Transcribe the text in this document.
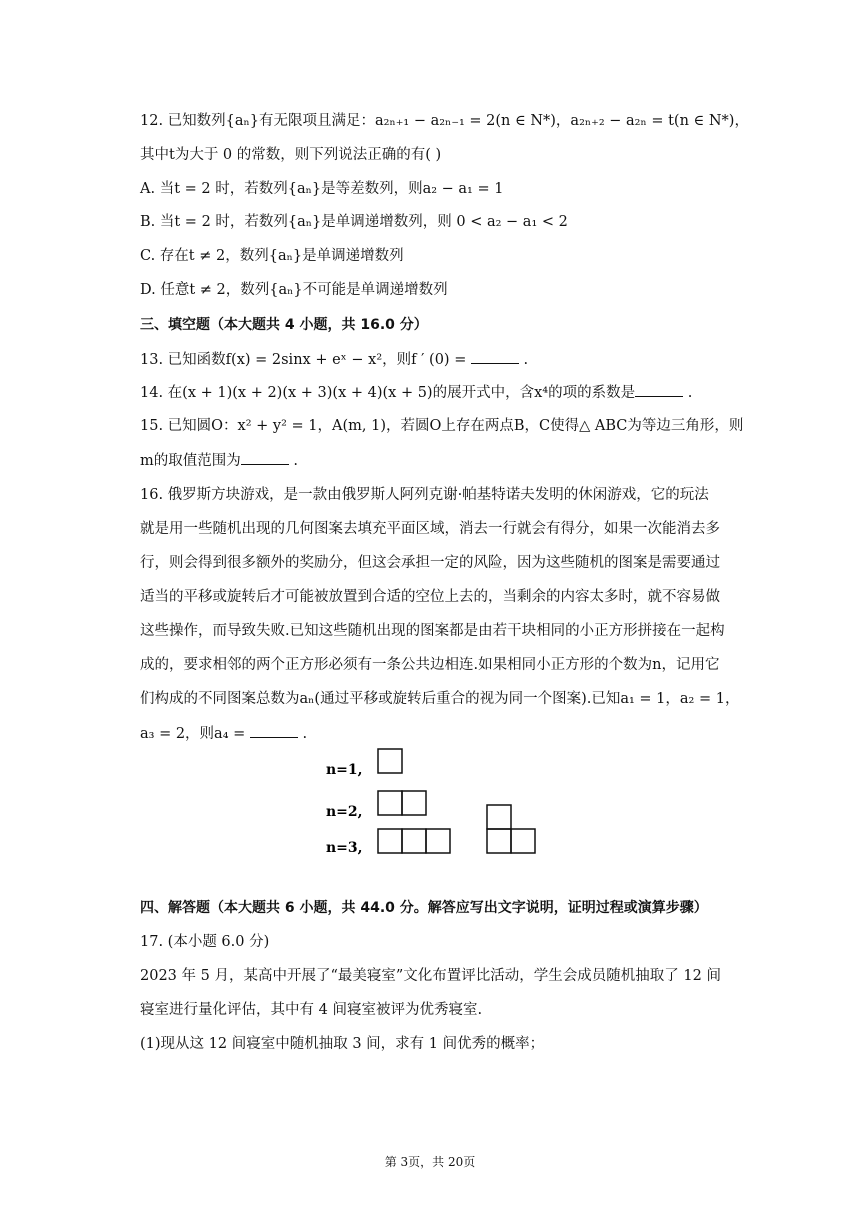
12. 已知数列{aₙ}有无限项且满足：a₂ₙ₊₁ − a₂ₙ₋₁ = 2(n ∈ N*)，a₂ₙ₊₂ − a₂ₙ = t(n ∈ N*)，
其中t为大于 0 的常数，则下列说法正确的有( )
A. 当t = 2 时，若数列{aₙ}是等差数列，则a₂ − a₁ = 1
B. 当t = 2 时，若数列{aₙ}是单调递增数列，则 0 < a₂ − a₁ < 2
C. 存在t ≠ 2，数列{aₙ}是单调递增数列
D. 任意t ≠ 2，数列{aₙ}不可能是单调递增数列
三、填空题（本大题共 4 小题，共 16.0 分）
13. 已知函数f(x) = 2sinx + eˣ − x²，则f ′ (0) =	.
14. 在(x + 1)(x + 2)(x + 3)(x + 4)(x + 5)的展开式中，含x⁴的项的系数是	.
15. 已知圆O：x² + y² = 1，A(m, 1)，若圆O上存在两点B，C使得△ ABC为等边三角形，则
m的取值范围为	.
16. 俄罗斯方块游戏，是一款由俄罗斯人阿列克谢·帕基特诺夫发明的休闲游戏，它的玩法
就是用一些随机出现的几何图案去填充平面区域，消去一行就会有得分，如果一次能消去多
行，则会得到很多额外的奖励分，但这会承担一定的风险，因为这些随机的图案是需要通过
适当的平移或旋转后才可能被放置到合适的空位上去的，当剩余的内容太多时，就不容易做
这些操作，而导致失败.已知这些随机出现的图案都是由若干块相同的小正方形拼接在一起构
成的，要求相邻的两个正方形必须有一条公共边相连.如果相同小正方形的个数为n，记用它
们构成的不同图案总数为aₙ(通过平移或旋转后重合的视为同一个图案).已知a₁ = 1，a₂ = 1，
a₃ = 2，则a₄ =	.
n=1,
n=2,
n=3,
四、解答题（本大题共 6 小题，共 44.0 分。解答应写出文字说明，证明过程或演算步骤）
17. (本小题 6.0 分)
2023 年 5 月，某高中开展了“最美寝室”文化布置评比活动，学生会成员随机抽取了 12 间
寝室进行量化评估，其中有 4 间寝室被评为优秀寝室.
(1)现从这 12 间寝室中随机抽取 3 间，求有 1 间优秀的概率；
第 3页，共 20页
